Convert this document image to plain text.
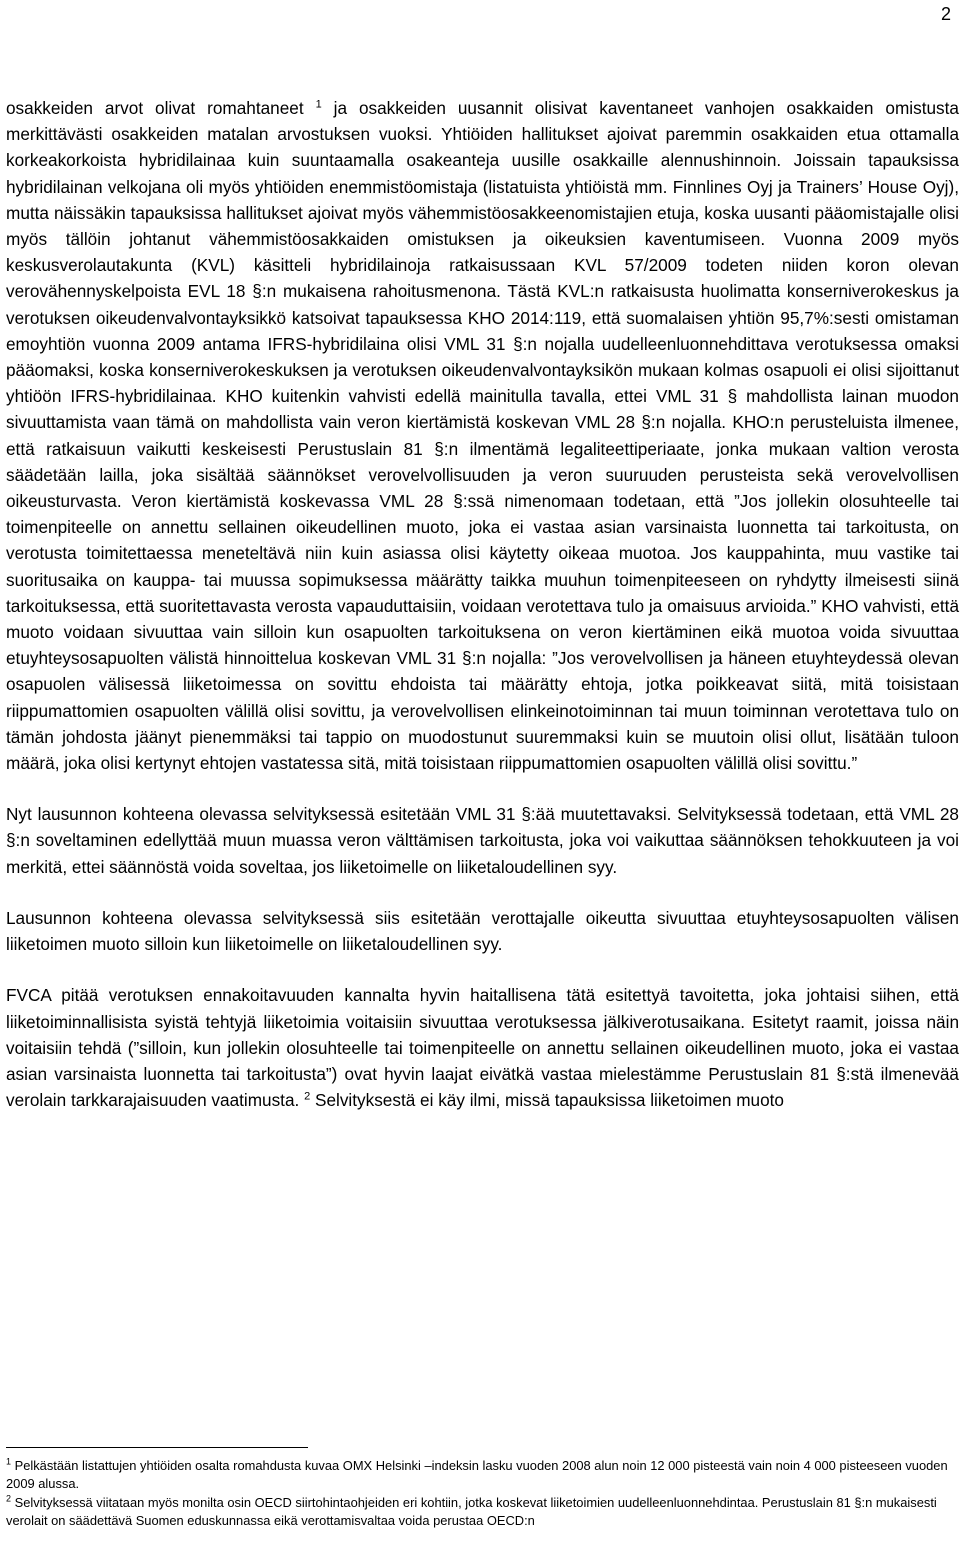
2

osakkeiden arvot olivat romahtaneet $^1$ ja osakkeiden uusannit olisivat kaventaneet vanhojen osakkaiden omistusta merkittävästi osakkeiden matalan arvostuksen vuoksi. Yhtiöiden hallitukset ajoivat paremmin osakkaiden etua ottamalla korkeakorkoista hybridilainaa kuin suuntaamalla osakeanteja uusille osakkaille alennushinnoin. Joissain tapauksissa hybridilainan velkojana oli myös yhtiöiden enemmistöomistaja (listatuista yhtiöistä mm. Finnlines Oyj ja Trainers’ House Oyj), mutta näissäkin tapauksissa hallitukset ajoivat myös vähemmistöosakkeenomistajien etuja, koska uusanti pääomistajalle olisi myös tällöin johtanut vähemmistöosakkaiden omistuksen ja oikeuksien kaventumiseen. Vuonna 2009 myös keskusverolautakunta (KVL) käsitteli hybridilainoja ratkaisussaan KVL 57/2009 todeten niiden koron olevan verovähennyskelpoista EVL 18 §:n mukaisena rahoitusmenona. Tästä KVL:n ratkaisusta huolimatta konserniverokeskus ja verotuksen oikeudenvalvontayksikkö katsoivat tapauksessa KHO 2014:119, että suomalaisen yhtiön 95,7%:sesti omistaman emoyhtiön vuonna 2009 antama IFRS-hybridilaina olisi VML 31 §:n nojalla uudelleenluonnehdittava verotuksessa omaksi pääomaksi, koska konserniverokeskuksen ja verotuksen oikeudenvalvontayksikön mukaan kolmas osapuoli ei olisi sijoittanut yhtiöön IFRS-hybridilainaa. KHO kuitenkin vahvisti edellä mainitulla tavalla, ettei VML 31 § mahdollista lainan muodon sivuuttamista vaan tämä on mahdollista vain veron kiertämistä koskevan VML 28 §:n nojalla. KHO:n perusteluista ilmenee, että ratkaisuun vaikutti keskeisesti Perustuslain 81 §:n ilmentämä legaliteettiperiaate, jonka mukaan valtion verosta säädetään lailla, joka sisältää säännökset verovelvollisuuden ja veron suuruuden perusteista sekä verovelvollisen oikeusturvasta. Veron kiertämistä koskevassa VML 28 §:ssä nimenomaan todetaan, että ”Jos jollekin olosuhteelle tai toimenpiteelle on annettu sellainen oikeudellinen muoto, joka ei vastaa asian varsinaista luonnetta tai tarkoitusta, on verotusta toimitettaessa meneteltävä niin kuin asiassa olisi käytetty oikeaa muotoa. Jos kauppahinta, muu vastike tai suoritusaika on kauppa- tai muussa sopimuksessa määrätty taikka muuhun toimenpiteeseen on ryhdytty ilmeisesti siinä tarkoituksessa, että suoritettavasta verosta vapauduttaisiin, voidaan verotettava tulo ja omaisuus arvioida.” KHO vahvisti, että muoto voidaan sivuuttaa vain silloin kun osapuolten tarkoituksena on veron kiertäminen eikä muotoa voida sivuuttaa etuyhteysosapuolten välistä hinnoittelua koskevan VML 31 §:n nojalla: ”Jos verovelvollisen ja häneen etuyhteydessä olevan osapuolen välisessä liiketoimessa on sovittu ehdoista tai määrätty ehtoja, jotka poikkeavat siitä, mitä toisistaan riippumattomien osapuolten välillä olisi sovittu, ja verovelvollisen elinkeinotoiminnan tai muun toiminnan verotettava tulo on tämän johdosta jäänyt pienemmäksi tai tappio on muodostunut suuremmaksi kuin se muutoin olisi ollut, lisätään tuloon määrä, joka olisi kertynyt ehtojen vastatessa sitä, mitä toisistaan riippumattomien osapuolten välillä olisi sovittu.”

Nyt lausunnon kohteena olevassa selvityksessä esitetään VML 31 §:ää muutettavaksi. Selvityksessä todetaan, että VML 28 §:n soveltaminen edellyttää muun muassa veron välttämisen tarkoitusta, joka voi vaikuttaa säännöksen tehokkuuteen ja voi merkitä, ettei säännöstä voida soveltaa, jos liiketoimelle on liiketaloudellinen syy.

Lausunnon kohteena olevassa selvityksessä siis esitetään verottajalle oikeutta sivuuttaa etuyhteysosapuolten välisen liiketoimen muoto silloin kun liiketoimelle on liiketaloudellinen syy.

FVCA pitää verotuksen ennakoitavuuden kannalta hyvin haitallisena tätä esitettyä tavoitetta, joka johtaisi siihen, että liiketoiminnallisista syistä tehtyjä liiketoimia voitaisiin sivuuttaa verotuksessa jälkiverotusaikana. Esitetyt raamit, joissa näin voitaisiin tehdä (”silloin, kun jollekin olosuhteelle tai toimenpiteelle on annettu sellainen oikeudellinen muoto, joka ei vastaa asian varsinaista luonnetta tai tarkoitusta”) ovat hyvin laajat eivätkä vastaa mielestämme Perustuslain 81 §:stä ilmenevää verolain tarkkarajaisuuden vaatimusta. $^2$ Selvityksestä ei käy ilmi, missä tapauksissa liiketoimen muoto

$^1$ Pelkästään listattujen yhtiöiden osalta romahdusta kuvaa OMX Helsinki –indeksin lasku vuoden 2008 alun noin 12 000 pisteestä vain noin 4 000 pisteeseen vuoden 2009 alussa.

$^2$ Selvityksessä viitataan myös monilta osin OECD siirtohintaohjeiden eri kohtiin, jotka koskevat liiketoimien uudelleenluonnehdintaa. Perustuslain 81 §:n mukaisesti verolait on säädettävä Suomen eduskunnassa eikä verottamisvaltaa voida perustaa OECD:n
